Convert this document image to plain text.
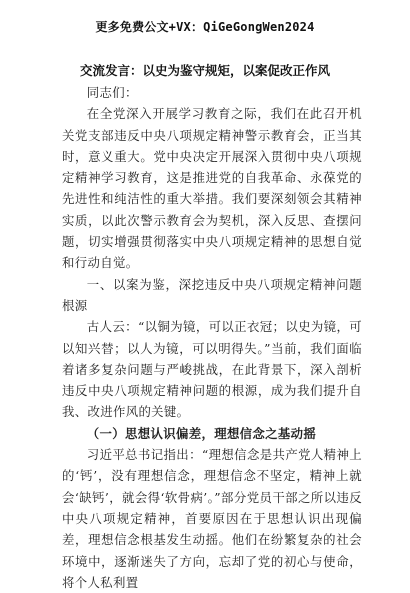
更多免费公文+VX：QiGeGongWen2024
交流发言：以史为鉴守规矩，以案促改正作风

同志们：

在全党深入开展学习教育之际，我们在此召开机关党支部违反中央八项规定精神警示教育会，正当其时，意义重大。党中央决定开展深入贯彻中央八项规定精神学习教育，这是推进党的自我革命、永葆党的先进性和纯洁性的重大举措。我们要深刻领会其精神实质，以此次警示教育会为契机，深入反思、查摆问题，切实增强贯彻落实中央八项规定精神的思想自觉和行动自觉。

一、以案为鉴，深挖违反中央八项规定精神问题根源

古人云：“以铜为镜，可以正衣冠；以史为镜，可以知兴替；以人为镜，可以明得失。”当前，我们面临着诸多复杂问题与严峻挑战，在此背景下，深入剖析违反中央八项规定精神问题的根源，成为我们提升自我、改进作风的关键。

（一）思想认识偏差，理想信念之基动摇

习近平总书记指出：“理想信念是共产党人精神上的‘钙’，没有理想信念，理想信念不坚定，精神上就会‘缺钙’，就会得‘软骨病’。”部分党员干部之所以违反中央八项规定精神，首要原因在于思想认识出现偏差，理想信念根基发生动摇。他们在纷繁复杂的社会环境中，逐渐迷失了方向，忘却了党的初心与使命，将个人私利置
